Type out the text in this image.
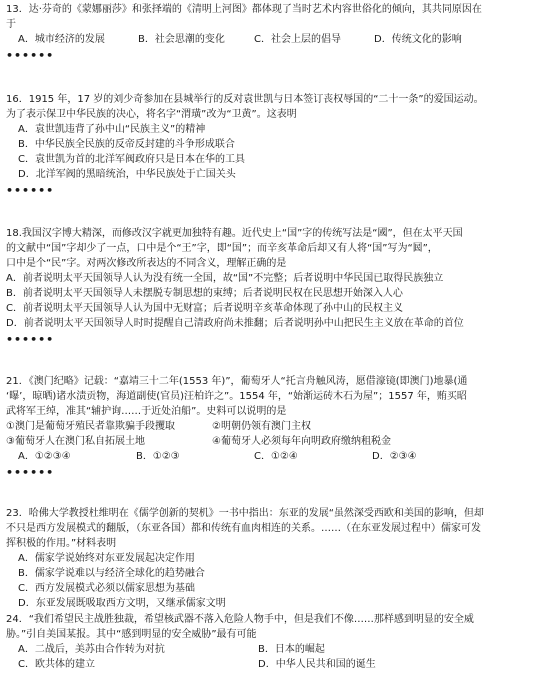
13．达·芬奇的《蒙娜丽莎》和张择端的《清明上河图》都体现了当时艺术内容世俗化的倾向，其共同原因在
于
A．城市经济的发展	B．社会思潮的变化	C．社会上层的倡导	D．传统文化的影响
••••••
16．1915 年，17 岁的刘少奇参加在县城举行的反对袁世凯与日本签订丧权辱国的“二十一条”的爱国运动。
为了表示保卫中华民族的决心，将名字“渭璜”改为“卫黄”。这表明
A．袁世凯违背了孙中山“民族主义”的精神
B．中华民族全民族的反帝反封建的斗争形成联合
C．袁世凯为首的北洋军阀政府只是日本在华的工具
D．北洋军阀的黑暗统治，中华民族处于亡国关头
••••••
18.我国汉字博大精深，而修改汉字就更加独特有趣。近代史上“国”字的传统写法是“國”，但在太平天国
的文献中“国”字却少了一点，口中是个“王”字，即“国”；而辛亥革命后却又有人将“国”写为“囻”，
口中是个“民”字。对两次修改所表达的不同含义，理解正确的是
A．前者说明太平天国领导人认为没有统一全国，故“国”不完整；后者说明中华民国已取得民族独立
B．前者说明太平天国领导人未摆脱专制思想的束缚；后者说明民权在民思想开始深入人心
C．前者说明太平天国领导人认为国中无财富；后者说明辛亥革命体现了孙中山的民权主义
D．前者说明太平天国领导人时时提醒自己清政府尚未推翻；后者说明孙中山把民生主义放在革命的首位
••••••
21．《澳门纪略》记载：“嘉靖三十二年(1553 年)”，葡萄牙人“托言舟触风涛，愿借濠镜(即澳门)地暴(通
‘曝’，晾晒)诸水渍贡物，海道副使(官员)汪柏许之”。1554 年，“始渐运砖木石为屋”；1557 年，贿买昭
武将军王绰，准其“辅护询……于近处泊船”。史料可以说明的是
①澳门是葡萄牙殖民者靠欺骗手段攫取	②明朝仍领有澳门主权
③葡萄牙人在澳门私自拓展土地	④葡萄牙人必须每年向明政府缴纳租税金
A．①②③④	B．①②③	C．①②④	D．②③④
••••••
23．哈佛大学教授杜维明在《儒学创新的契机》一书中指出：东亚的发展“虽然深受西欧和美国的影响，但却
不只是西方发展模式的翻版，（东亚各国）都和传统有血肉相连的关系。……（在东亚发展过程中）儒家可发
挥积极的作用。”材料表明
A．儒家学说始终对东亚发展起决定作用
B．儒家学说难以与经济全球化的趋势融合
C．西方发展模式必须以儒家思想为基础
D．东亚发展既吸取西方文明，又继承儒家文明
24．“我们希望民主战胜独裁，希望核武器不落入危险人物手中，但是我们不像……那样感到明显的安全威
胁。”引自美国某报。其中“感到明显的安全威胁”最有可能
A．二战后，美苏由合作转为对抗	B．日本的崛起
C．欧共体的建立	D．中华人民共和国的诞生
